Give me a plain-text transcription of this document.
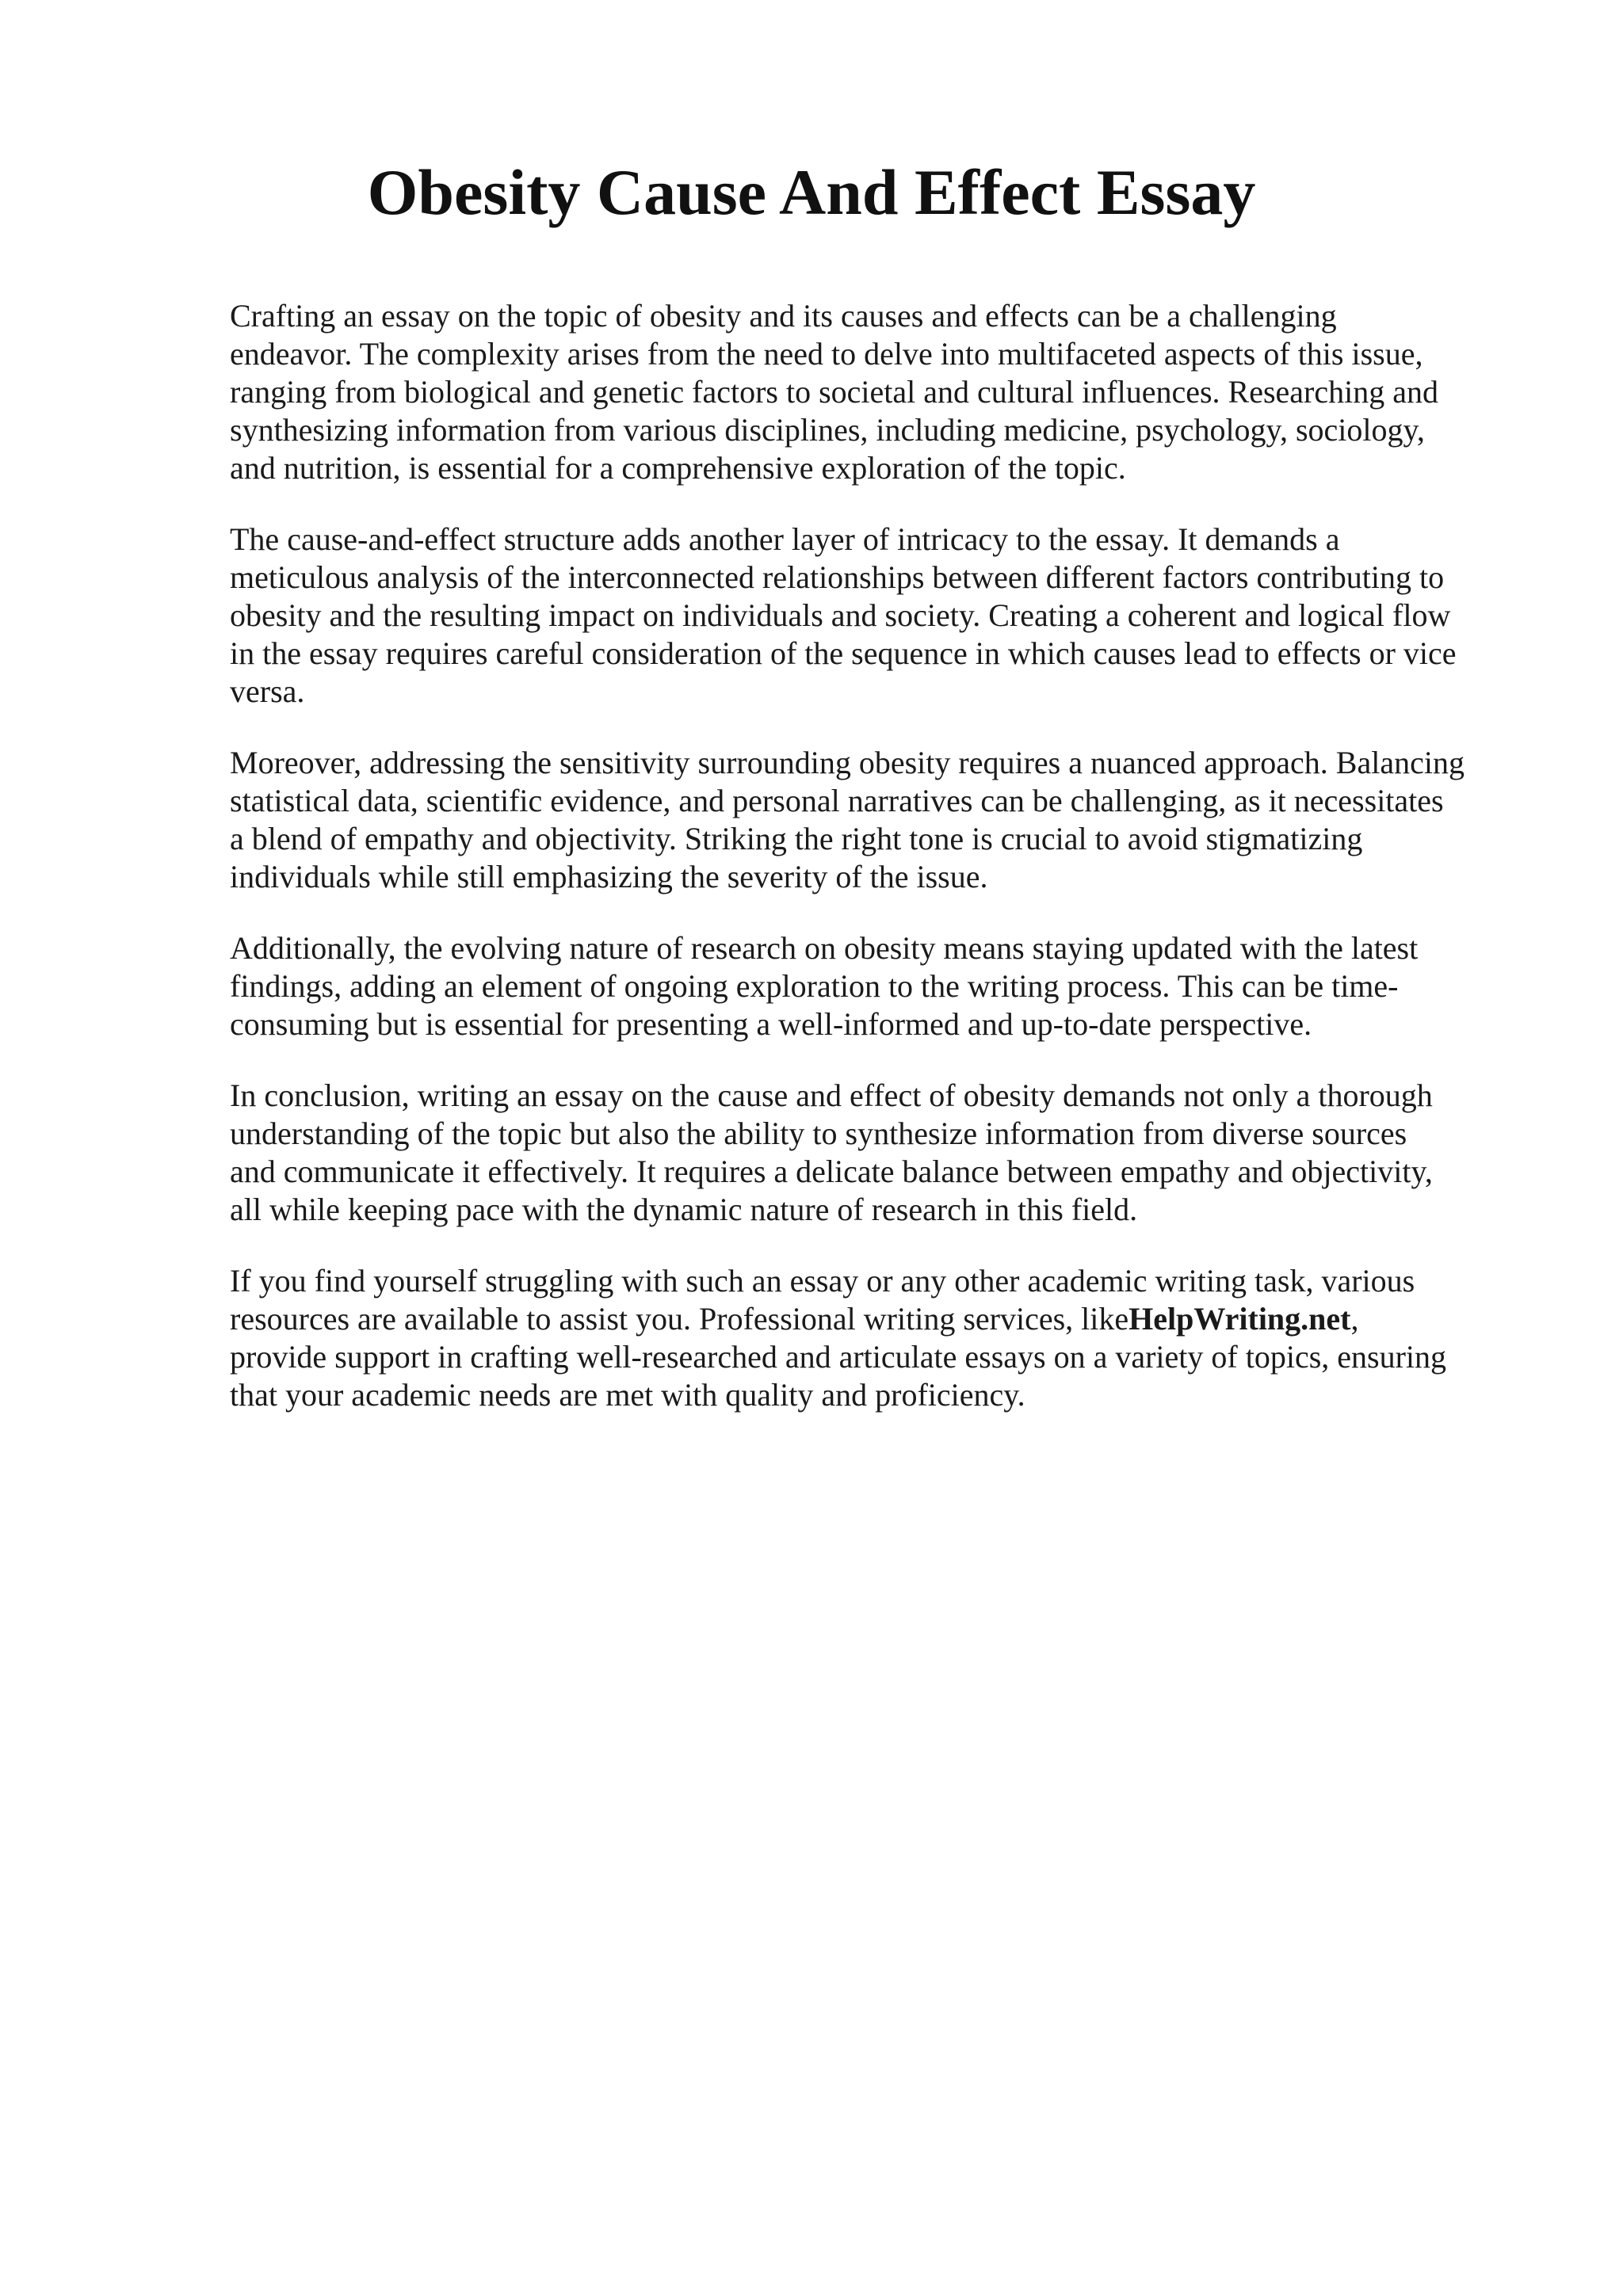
Obesity Cause And Effect Essay

Crafting an essay on the topic of obesity and its causes and effects can be a challenging
endeavor. The complexity arises from the need to delve into multifaceted aspects of this issue,
ranging from biological and genetic factors to societal and cultural influences. Researching and
synthesizing information from various disciplines, including medicine, psychology, sociology,
and nutrition, is essential for a comprehensive exploration of the topic.

The cause-and-effect structure adds another layer of intricacy to the essay. It demands a
meticulous analysis of the interconnected relationships between different factors contributing to
obesity and the resulting impact on individuals and society. Creating a coherent and logical flow
in the essay requires careful consideration of the sequence in which causes lead to effects or vice
versa.

Moreover, addressing the sensitivity surrounding obesity requires a nuanced approach. Balancing
statistical data, scientific evidence, and personal narratives can be challenging, as it necessitates
a blend of empathy and objectivity. Striking the right tone is crucial to avoid stigmatizing
individuals while still emphasizing the severity of the issue.

Additionally, the evolving nature of research on obesity means staying updated with the latest
findings, adding an element of ongoing exploration to the writing process. This can be time-
consuming but is essential for presenting a well-informed and up-to-date perspective.

In conclusion, writing an essay on the cause and effect of obesity demands not only a thorough
understanding of the topic but also the ability to synthesize information from diverse sources
and communicate it effectively. It requires a delicate balance between empathy and objectivity,
all while keeping pace with the dynamic nature of research in this field.

If you find yourself struggling with such an essay or any other academic writing task, various
resources are available to assist you. Professional writing services, likeHelpWriting.net,
provide support in crafting well-researched and articulate essays on a variety of topics, ensuring
that your academic needs are met with quality and proficiency.
